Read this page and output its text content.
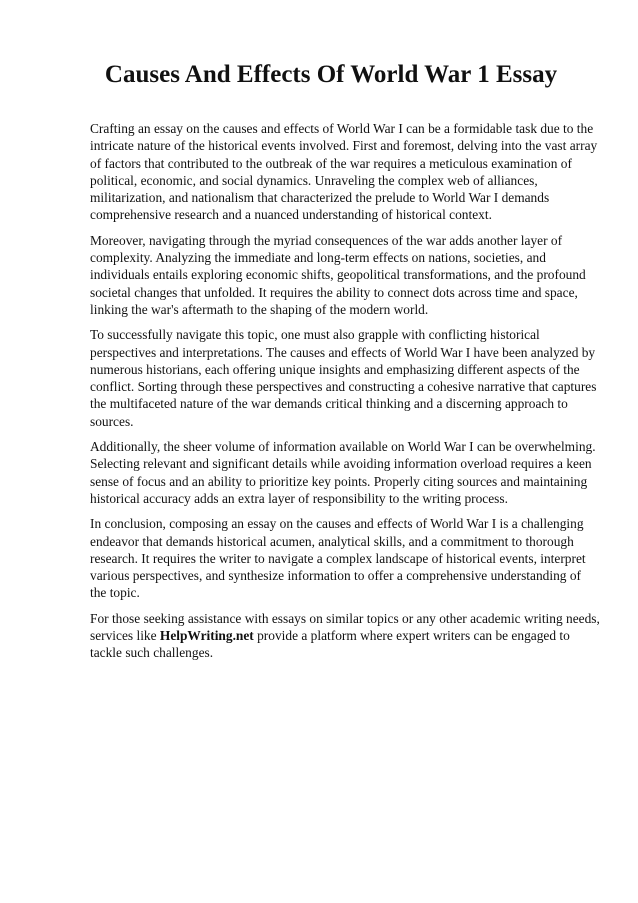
Causes And Effects Of World War 1 Essay

Crafting an essay on the causes and effects of World War I can be a formidable task due to the intricate nature of the historical events involved. First and foremost, delving into the vast array of factors that contributed to the outbreak of the war requires a meticulous examination of political, economic, and social dynamics. Unraveling the complex web of alliances, militarization, and nationalism that characterized the prelude to World War I demands comprehensive research and a nuanced understanding of historical context.

Moreover, navigating through the myriad consequences of the war adds another layer of complexity. Analyzing the immediate and long-term effects on nations, societies, and individuals entails exploring economic shifts, geopolitical transformations, and the profound societal changes that unfolded. It requires the ability to connect dots across time and space, linking the war's aftermath to the shaping of the modern world.

To successfully navigate this topic, one must also grapple with conflicting historical perspectives and interpretations. The causes and effects of World War I have been analyzed by numerous historians, each offering unique insights and emphasizing different aspects of the conflict. Sorting through these perspectives and constructing a cohesive narrative that captures the multifaceted nature of the war demands critical thinking and a discerning approach to sources.

Additionally, the sheer volume of information available on World War I can be overwhelming. Selecting relevant and significant details while avoiding information overload requires a keen sense of focus and an ability to prioritize key points. Properly citing sources and maintaining historical accuracy adds an extra layer of responsibility to the writing process.

In conclusion, composing an essay on the causes and effects of World War I is a challenging endeavor that demands historical acumen, analytical skills, and a commitment to thorough research. It requires the writer to navigate a complex landscape of historical events, interpret various perspectives, and synthesize information to offer a comprehensive understanding of the topic.

For those seeking assistance with essays on similar topics or any other academic writing needs, services like HelpWriting.net provide a platform where expert writers can be engaged to tackle such challenges.
